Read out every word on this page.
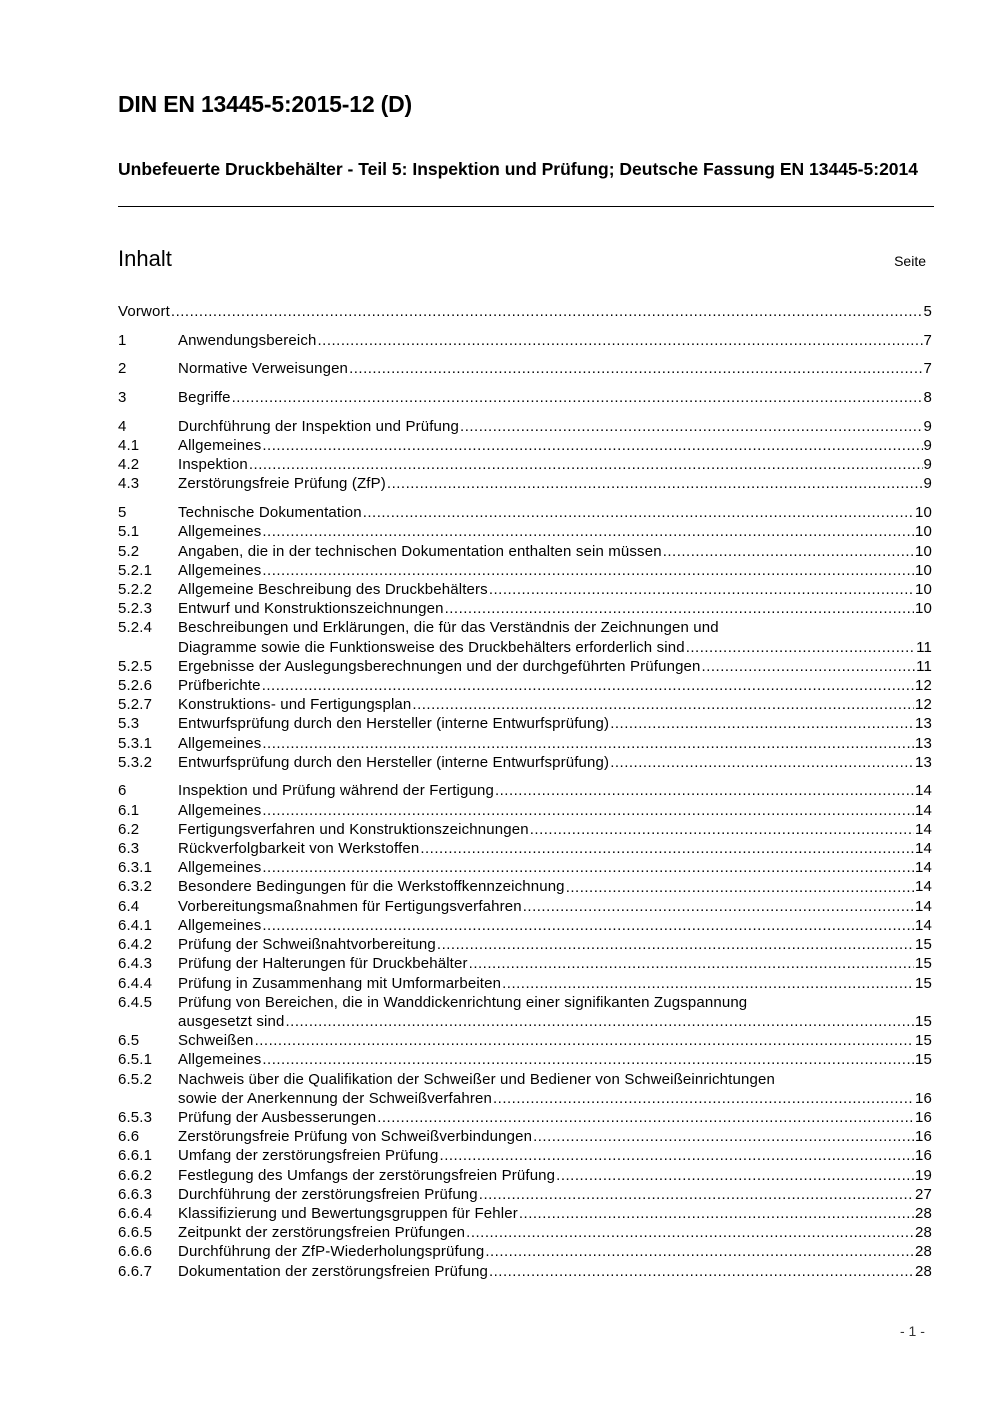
DIN EN 13445-5:2015-12 (D)
Unbefeuerte Druckbehälter - Teil 5: Inspektion und Prüfung; Deutsche Fassung EN 13445-5:2014
Inhalt	Seite
Vorwort .....	5
1	Anwendungsbereich .....	7
2	Normative Verweisungen .....	7
3	Begriffe .....	8
4	Durchführung der Inspektion und Prüfung .....	9
4.1	Allgemeines .....	9
4.2	Inspektion .....	9
4.3	Zerstörungsfreie Prüfung (ZfP) .....	9
5	Technische Dokumentation .....	10
5.1	Allgemeines .....	10
5.2	Angaben, die in der technischen Dokumentation enthalten sein müssen .....	10
5.2.1	Allgemeines .....	10
5.2.2	Allgemeine Beschreibung des Druckbehälters .....	10
5.2.3	Entwurf und Konstruktionszeichnungen .....	10
5.2.4	Beschreibungen und Erklärungen, die für das Verständnis der Zeichnungen und
Diagramme sowie die Funktionsweise des Druckbehälters erforderlich sind .....	11
5.2.5	Ergebnisse der Auslegungsberechnungen und der durchgeführten Prüfungen .....	11
5.2.6	Prüfberichte .....	12
5.2.7	Konstruktions- und Fertigungsplan .....	12
5.3	Entwurfsprüfung durch den Hersteller (interne Entwurfsprüfung) .....	13
5.3.1	Allgemeines .....	13
5.3.2	Entwurfsprüfung durch den Hersteller (interne Entwurfsprüfung) .....	13
6	Inspektion und Prüfung während der Fertigung .....	14
6.1	Allgemeines .....	14
6.2	Fertigungsverfahren und Konstruktionszeichnungen .....	14
6.3	Rückverfolgbarkeit von Werkstoffen .....	14
6.3.1	Allgemeines .....	14
6.3.2	Besondere Bedingungen für die Werkstoffkennzeichnung .....	14
6.4	Vorbereitungsmaßnahmen für Fertigungsverfahren .....	14
6.4.1	Allgemeines .....	14
6.4.2	Prüfung der Schweißnahtvorbereitung .....	15
6.4.3	Prüfung der Halterungen für Druckbehälter .....	15
6.4.4	Prüfung in Zusammenhang mit Umformarbeiten .....	15
6.4.5	Prüfung von Bereichen, die in Wanddickenrichtung einer signifikanten Zugspannung
ausgesetzt sind .....	15
6.5	Schweißen .....	15
6.5.1	Allgemeines .....	15
6.5.2	Nachweis über die Qualifikation der Schweißer und Bediener von Schweißeinrichtungen
sowie der Anerkennung der Schweißverfahren .....	16
6.5.3	Prüfung der Ausbesserungen .....	16
6.6	Zerstörungsfreie Prüfung von Schweißverbindungen .....	16
6.6.1	Umfang der zerstörungsfreien Prüfung .....	16
6.6.2	Festlegung des Umfangs der zerstörungsfreien Prüfung .....	19
6.6.3	Durchführung der zerstörungsfreien Prüfung .....	27
6.6.4	Klassifizierung und Bewertungsgruppen für Fehler .....	28
6.6.5	Zeitpunkt der zerstörungsfreien Prüfungen .....	28
6.6.6	Durchführung der ZfP-Wiederholungsprüfung .....	28
6.6.7	Dokumentation der zerstörungsfreien Prüfung .....	28
- 1 -
